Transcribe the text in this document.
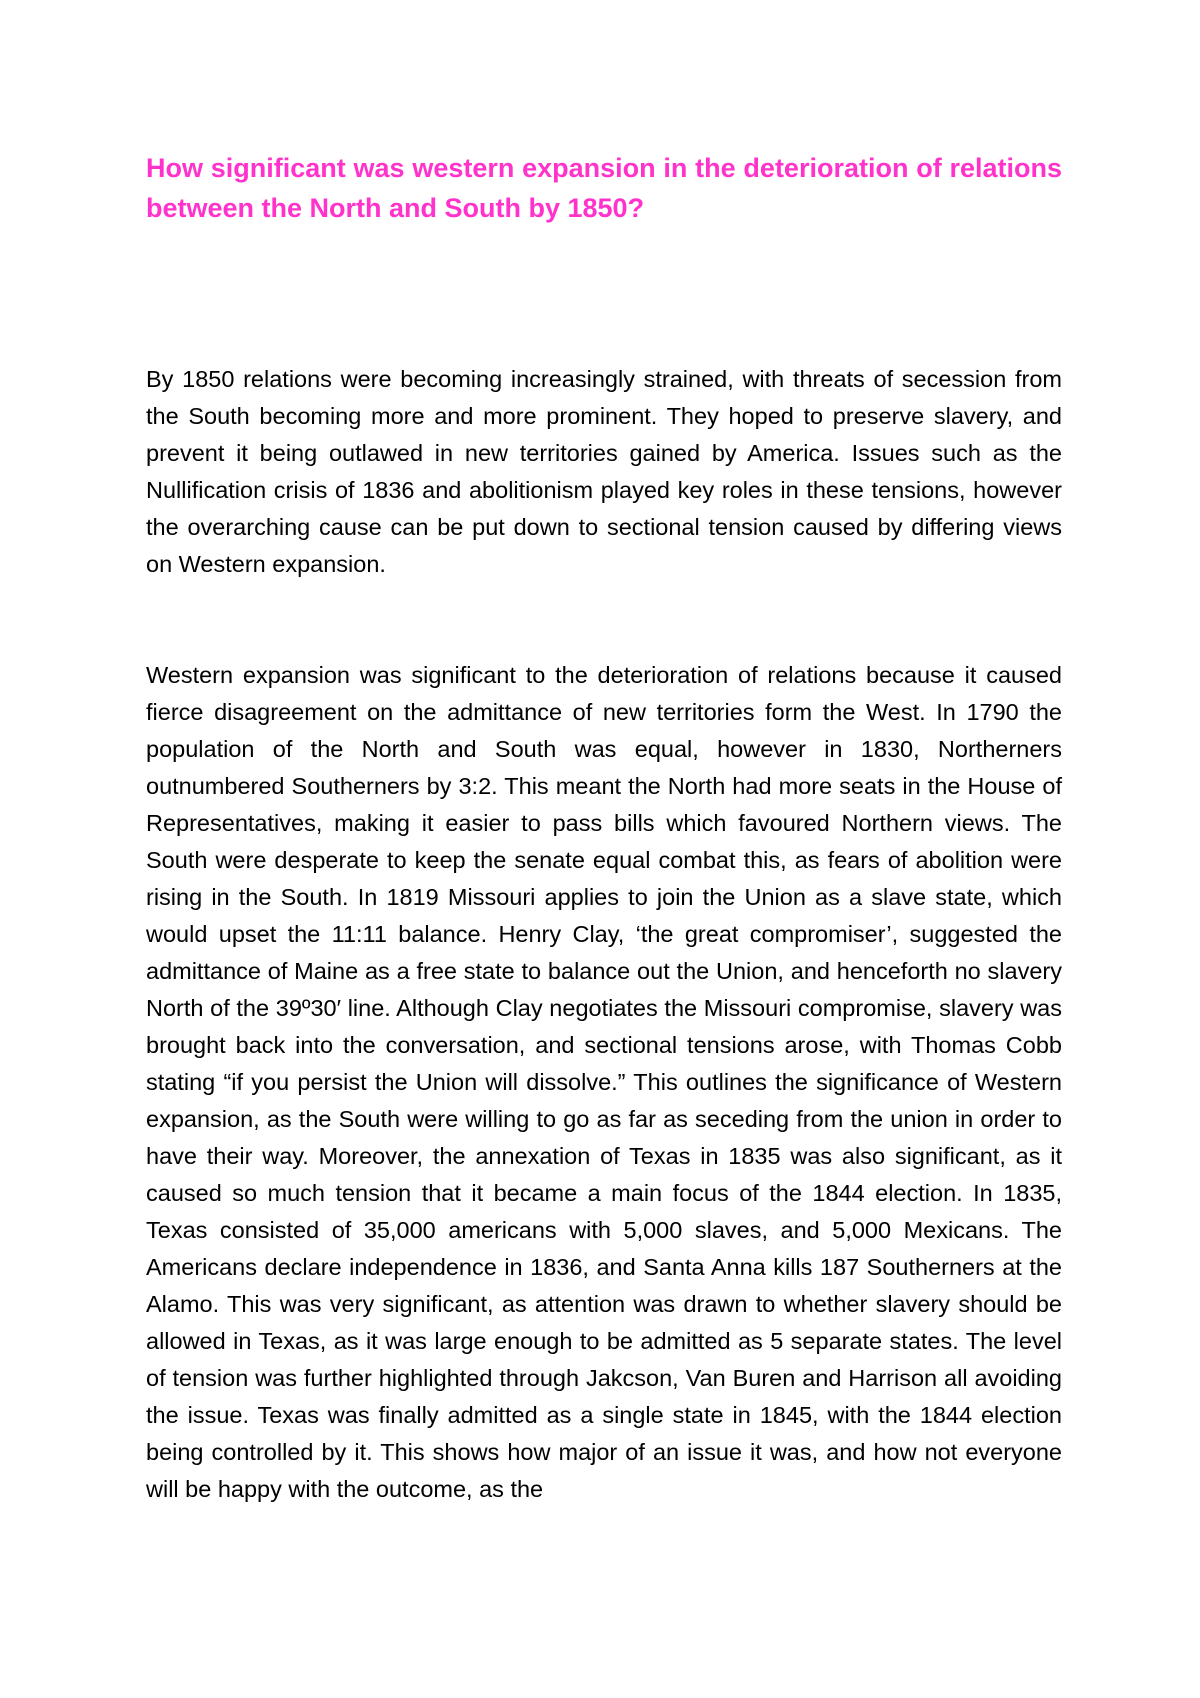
How significant was western expansion in the deterioration of relations between the North and South by 1850?

By 1850 relations were becoming increasingly strained, with threats of secession from the South becoming more and more prominent. They hoped to preserve slavery, and prevent it being outlawed in new territories gained by America. Issues such as the Nullification crisis of 1836 and abolitionism played key roles in these tensions, however the overarching cause can be put down to sectional tension caused by differing views on Western expansion.

Western expansion was significant to the deterioration of relations because it caused fierce disagreement on the admittance of new territories form the West. In 1790 the population of the North and South was equal, however in 1830, Northerners outnumbered Southerners by 3:2. This meant the North had more seats in the House of Representatives, making it easier to pass bills which favoured Northern views. The South were desperate to keep the senate equal combat this, as fears of abolition were rising in the South. In 1819 Missouri applies to join the Union as a slave state, which would upset the 11:11 balance. Henry Clay, ‘the great compromiser’, suggested the admittance of Maine as a free state to balance out the Union, and henceforth no slavery North of the 39º30′ line. Although Clay negotiates the Missouri compromise, slavery was brought back into the conversation, and sectional tensions arose, with Thomas Cobb stating “if you persist the Union will dissolve.” This outlines the significance of Western expansion, as the South were willing to go as far as seceding from the union in order to have their way. Moreover, the annexation of Texas in 1835 was also significant, as it caused so much tension that it became a main focus of the 1844 election. In 1835, Texas consisted of 35,000 americans with 5,000 slaves, and 5,000 Mexicans. The Americans declare independence in 1836, and Santa Anna kills 187 Southerners at the Alamo. This was very significant, as attention was drawn to whether slavery should be allowed in Texas, as it was large enough to be admitted as 5 separate states. The level of tension was further highlighted through Jakcson, Van Buren and Harrison all avoiding the issue. Texas was finally admitted as a single state in 1845, with the 1844 election being controlled by it. This shows how major of an issue it was, and how not everyone will be happy with the outcome, as the
